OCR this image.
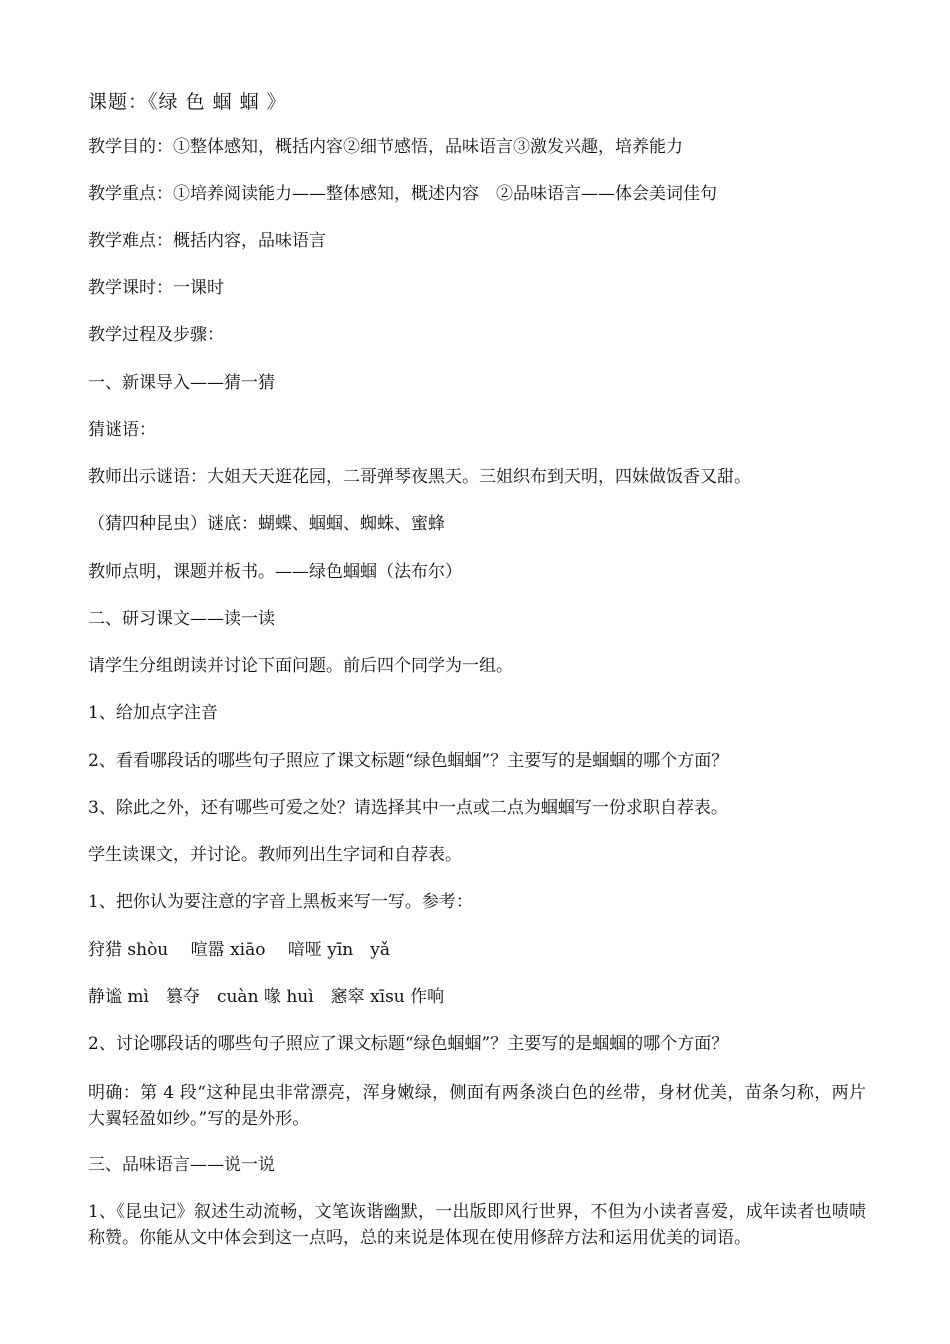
课题：《绿 色 蝈 蝈 》
教学目的：①整体感知，概括内容②细节感悟，品味语言③激发兴趣，培养能力
教学重点：①培养阅读能力——整体感知，概述内容　②品味语言——体会美词佳句
教学难点：概括内容，品味语言
教学课时：一课时
教学过程及步骤：
一、新课导入——猜一猜
猜谜语：
教师出示谜语：大姐天天逛花园，二哥弹琴夜黑天。三姐织布到天明，四妹做饭香又甜。
（猜四种昆虫）谜底：蝴蝶、蝈蝈、蜘蛛、蜜蜂
教师点明，课题并板书。——绿色蝈蝈（法布尔）
二、研习课文——读一读
请学生分组朗读并讨论下面问题。前后四个同学为一组。
1、给加点字注音
2、看看哪段话的哪些句子照应了课文标题“绿色蝈蝈”？主要写的是蝈蝈的哪个方面？
3、除此之外，还有哪些可爱之处？请选择其中一点或二点为蝈蝈写一份求职自荐表。
学生读课文，并讨论。教师列出生字词和自荐表。
1、把你认为要注意的字音上黑板来写一写。参考：
狩猎 shòu　 喧嚣 xiāo　 喑哑 yīn　yǎ
静谧 mì　篡夺　cuàn 喙 huì　窸窣 xīsu 作响
2、讨论哪段话的哪些句子照应了课文标题“绿色蝈蝈”？主要写的是蝈蝈的哪个方面？
明确：第 4 段“这种昆虫非常漂亮，浑身嫩绿，侧面有两条淡白色的丝带，身材优美，苗条匀称，两片大翼轻盈如纱。”写的是外形。
三、品味语言——说一说
1、《昆虫记》叙述生动流畅，文笔诙谐幽默，一出版即风行世界，不但为小读者喜爱，成年读者也啧啧称赞。你能从文中体会到这一点吗，总的来说是体现在使用修辞方法和运用优美的词语。
